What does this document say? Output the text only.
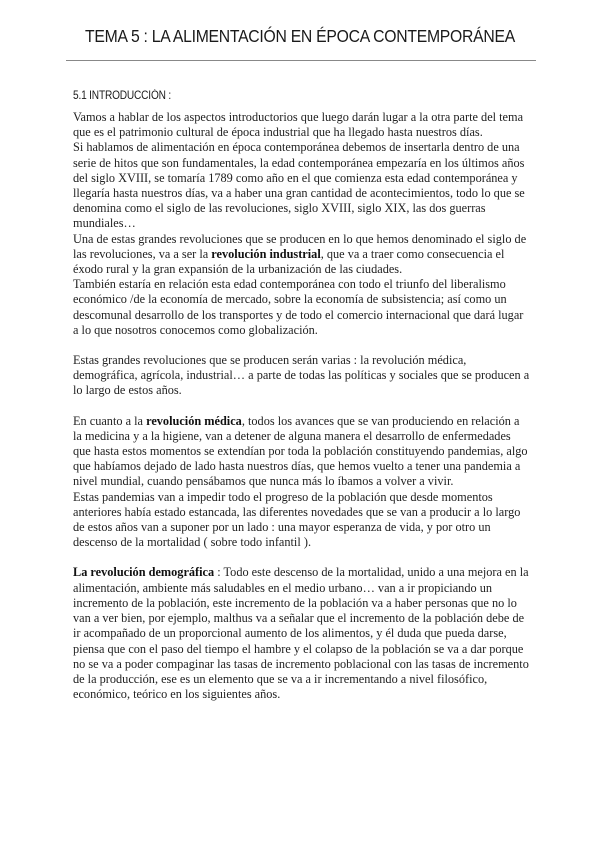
TEMA 5 : LA ALIMENTACIÓN EN ÉPOCA CONTEMPORÁNEA
5.1 INTRODUCCIÓN :

Vamos a hablar de los aspectos introductorios que luego darán lugar a la otra parte del tema que es el patrimonio cultural de época industrial que ha llegado hasta nuestros días.

Si hablamos de alimentación en época contemporánea debemos de insertarla dentro de una serie de hitos que son fundamentales, la edad contemporánea empezaría en los últimos años del siglo XVIII, se tomaría 1789 como año en el que comienza esta edad contemporánea y llegaría hasta nuestros días, va a haber una gran cantidad de acontecimientos, todo lo que se denomina como el siglo de las revoluciones, siglo XVIII, siglo XIX, las dos guerras mundiales…

Una de estas grandes revoluciones que se producen en lo que hemos denominado el siglo de las revoluciones, va a ser la revolución industrial, que va a traer como consecuencia el éxodo rural y la gran expansión de la urbanización de las ciudades.

También estaría en relación esta edad contemporánea con todo el triunfo del liberalismo económico /de la economía de mercado, sobre la economía de subsistencia; así como un descomunal desarrollo de los transportes y de todo el comercio internacional que dará lugar a lo que nosotros conocemos como globalización.

Estas grandes revoluciones que se producen serán varias : la revolución médica, demográfica, agrícola, industrial… a parte de todas las políticas y sociales que se producen a lo largo de estos años.

En cuanto a la revolución médica, todos los avances que se van produciendo en relación a la medicina y a la higiene, van a detener de alguna manera el desarrollo de enfermedades que hasta estos momentos se extendían por toda la población constituyendo pandemias, algo que habíamos dejado de lado hasta nuestros días, que hemos vuelto a tener una pandemia a nivel mundial, cuando pensábamos que nunca más lo íbamos a volver a vivir.

Estas pandemias van a impedir todo el progreso de la población que desde momentos anteriores había estado estancada, las diferentes novedades que se van a producir a lo largo de estos años van a suponer por un lado : una mayor esperanza de vida, y por otro un descenso de la mortalidad ( sobre todo infantil ).

La revolución demográfica : Todo este descenso de la mortalidad, unido a una mejora en la alimentación, ambiente más saludables en el medio urbano… van a ir propiciando un incremento de la población, este incremento de la población va a haber personas que no lo van a ver bien, por ejemplo, malthus va a señalar que el incremento de la población debe de ir acompañado de un proporcional aumento de los alimentos, y él duda que pueda darse, piensa que con el paso del tiempo el hambre y el colapso de la población se va a dar porque no se va a poder compaginar las tasas de incremento poblacional con las tasas de incremento de la producción, ese es un elemento que se va a ir incrementando a nivel filosófico, económico, teórico en los siguientes años.
